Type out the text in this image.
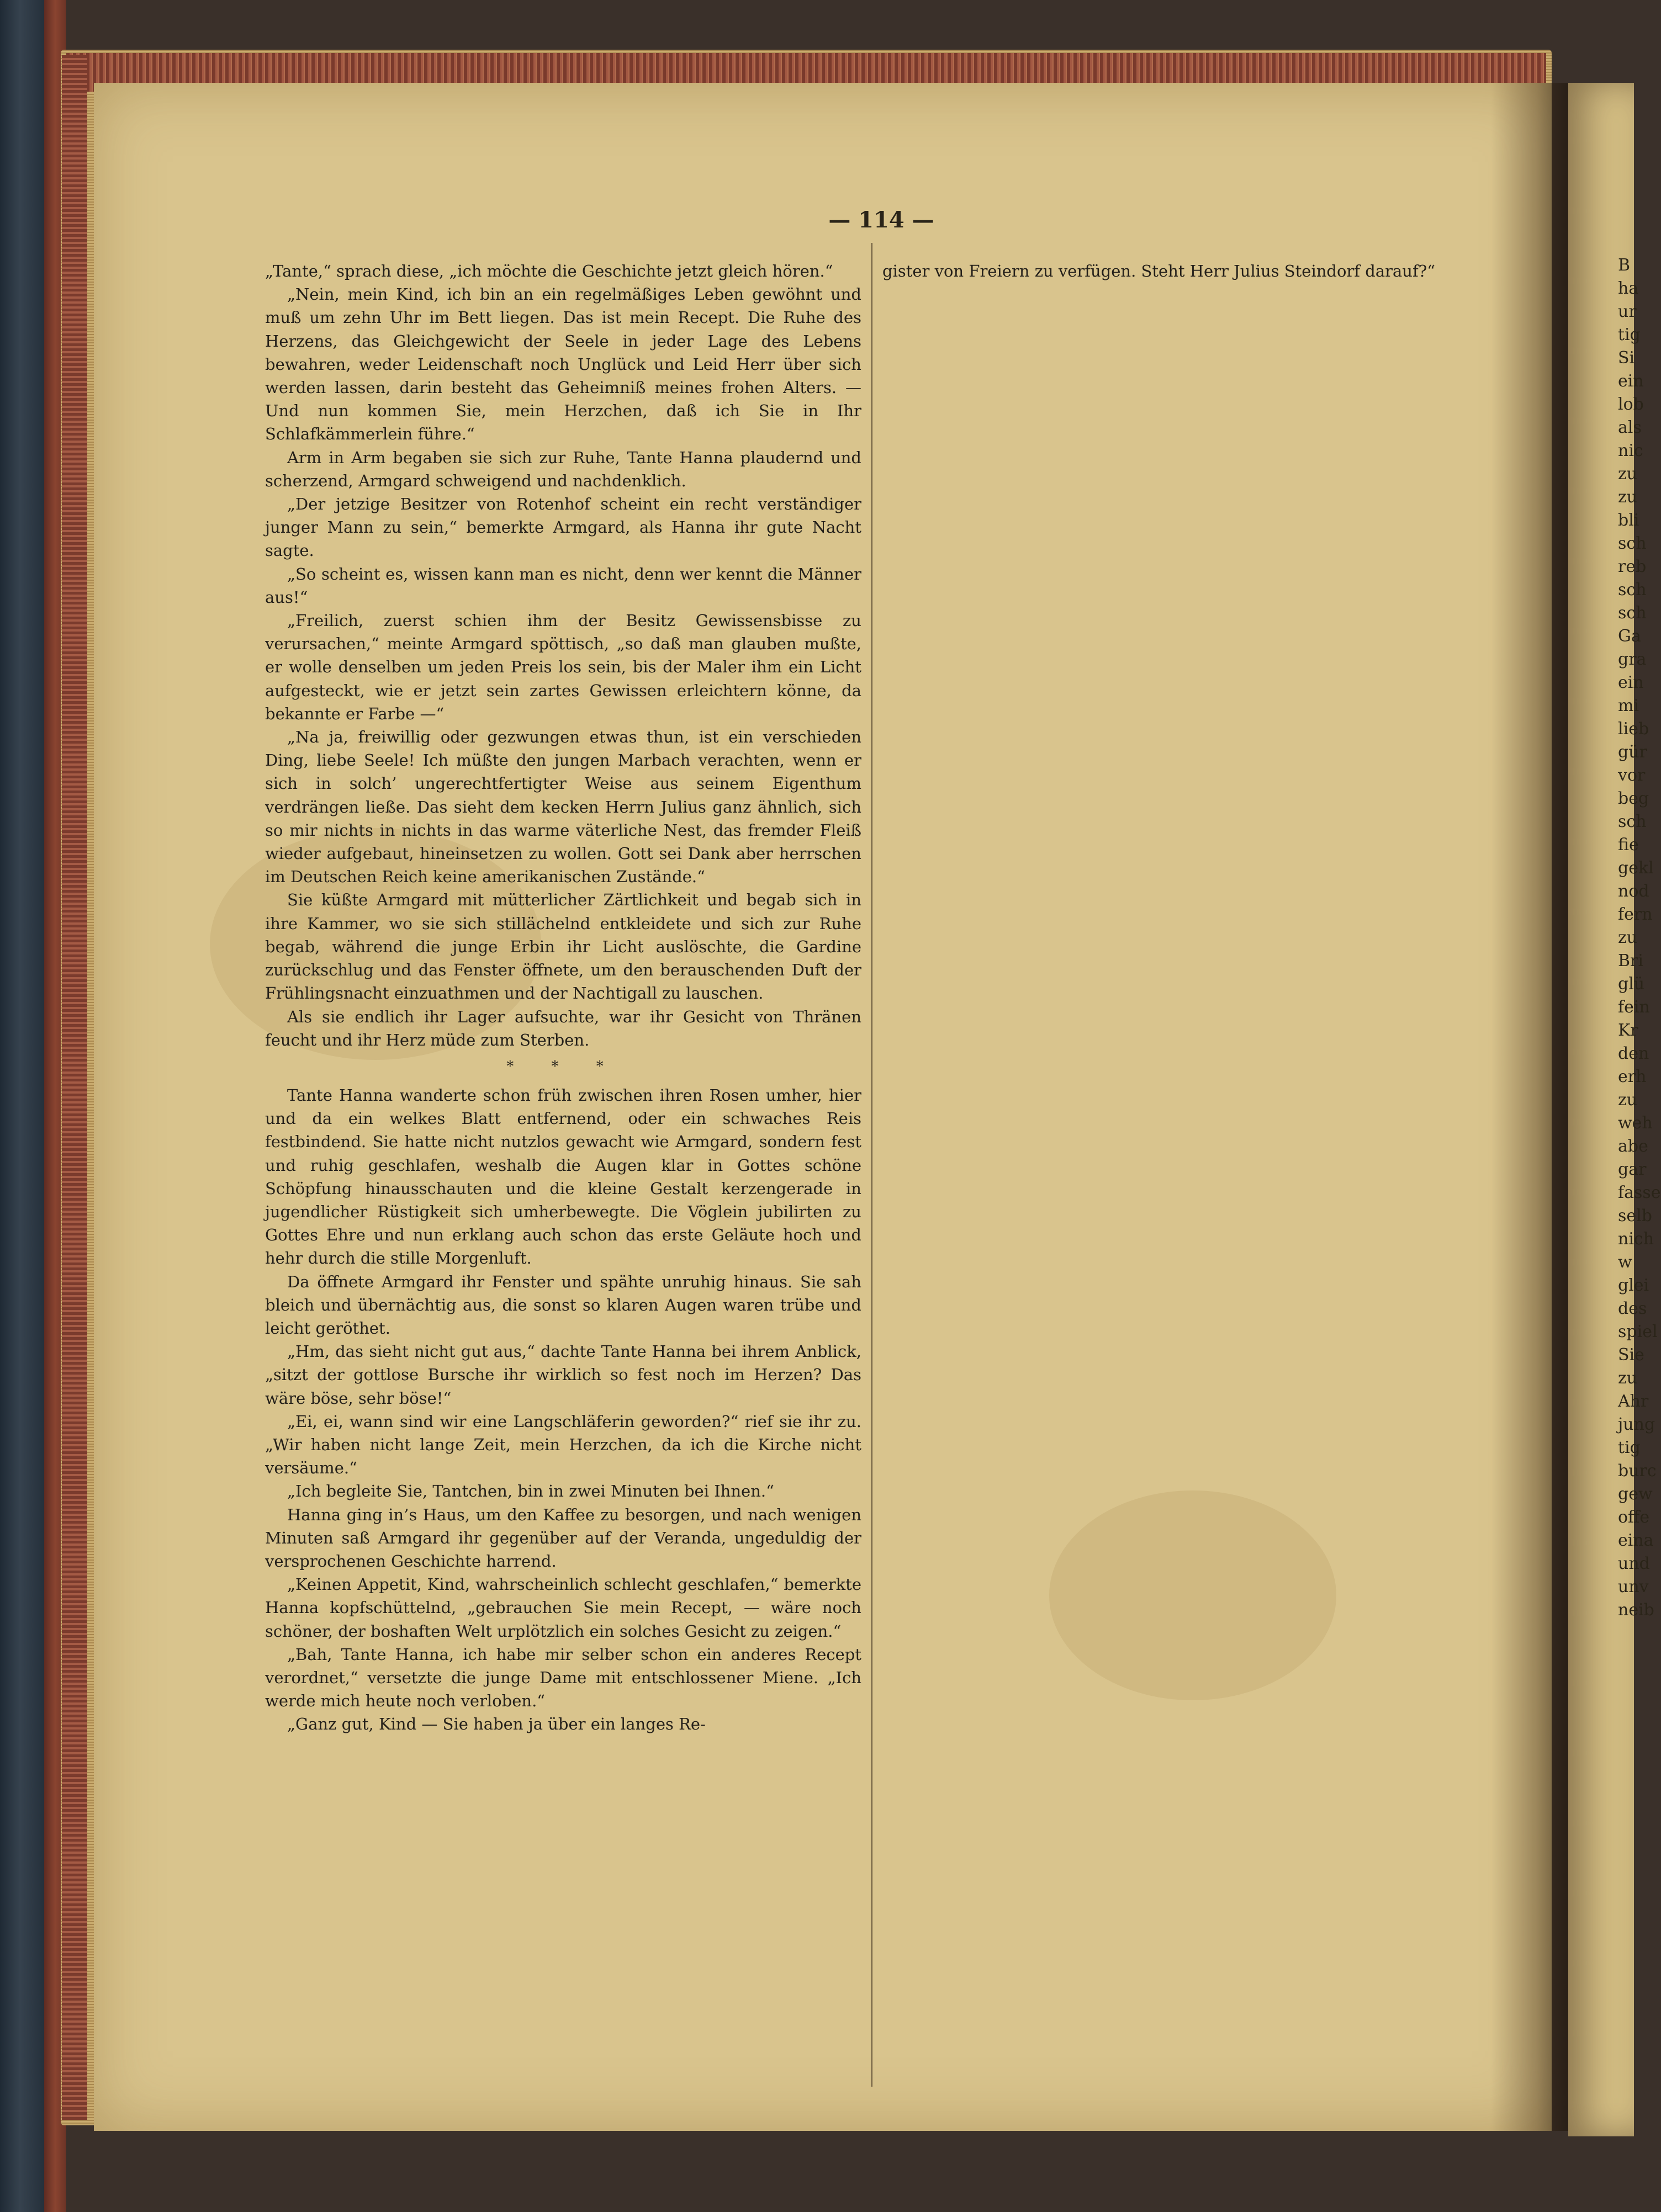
B
ha
ur
tig
Si
ein
lob
als
nic
zu
zu
bli
sch
reb
sch
sch
Ga
gra
ein
mi
lieb
gür
vor
beg
sch
fie
gekl
nod
fern
zu
Bri
glü
fein
Kr
den
erh
zu
weh
abe
gar
fasse
selb
nich
w
glei
des
spiel
Sie
zu
Ahr
jung
tig
burc
gew
offe
eina
und
unv
neib
— 114 —

„Tante,“ sprach diese, „ich möchte die Geschichte jetzt gleich hören.“

„Nein, mein Kind, ich bin an ein regelmäßiges Leben gewöhnt und muß um zehn Uhr im Bett liegen. Das ist mein Recept. Die Ruhe des Herzens, das Gleichgewicht der Seele in jeder Lage des Lebens bewahren, weder Leidenschaft noch Unglück und Leid Herr über sich werden lassen, darin besteht das Geheimniß meines frohen Alters. — Und nun kommen Sie, mein Herzchen, daß ich Sie in Ihr Schlafkämmerlein führe.“

Arm in Arm begaben sie sich zur Ruhe, Tante Hanna plaudernd und scherzend, Armgard schweigend und nachdenklich.

„Der jetzige Besitzer von Rotenhof scheint ein recht verständiger junger Mann zu sein,“ bemerkte Armgard, als Hanna ihr gute Nacht sagte.

„So scheint es, wissen kann man es nicht, denn wer kennt die Männer aus!“

„Freilich, zuerst schien ihm der Besitz Gewissensbisse zu verursachen,“ meinte Armgard spöttisch, „so daß man glauben mußte, er wolle denselben um jeden Preis los sein, bis der Maler ihm ein Licht aufgesteckt, wie er jetzt sein zartes Gewissen erleichtern könne, da bekannte er Farbe —“

„Na ja, freiwillig oder gezwungen etwas thun, ist ein verschieden Ding, liebe Seele! Ich müßte den jungen Marbach verachten, wenn er sich in solch’ ungerechtfertigter Weise aus seinem Eigenthum verdrängen ließe. Das sieht dem kecken Herrn Julius ganz ähnlich, sich so mir nichts in nichts in das warme väterliche Nest, das fremder Fleiß wieder aufgebaut, hineinsetzen zu wollen. Gott sei Dank aber herrschen im Deutschen Reich keine amerikanischen Zustände.“

Sie küßte Armgard mit mütterlicher Zärtlichkeit und begab sich in ihre Kammer, wo sie sich stillächelnd entkleidete und sich zur Ruhe begab, während die junge Erbin ihr Licht auslöschte, die Gardine zurückschlug und das Fenster öffnete, um den berauschenden Duft der Frühlingsnacht einzuathmen und der Nachtigall zu lauschen.

Als sie endlich ihr Lager aufsuchte, war ihr Gesicht von Thränen feucht und ihr Herz müde zum Sterben.

* * *

Tante Hanna wanderte schon früh zwischen ihren Rosen umher, hier und da ein welkes Blatt entfernend, oder ein schwaches Reis festbindend. Sie hatte nicht nutzlos gewacht wie Armgard, sondern fest und ruhig geschlafen, weshalb die Augen klar in Gottes schöne Schöpfung hinausschauten und die kleine Gestalt kerzengerade in jugendlicher Rüstigkeit sich umherbewegte. Die Vöglein jubilirten zu Gottes Ehre und nun erklang auch schon das erste Geläute hoch und hehr durch die stille Morgenluft.

Da öffnete Armgard ihr Fenster und spähte unruhig hinaus. Sie sah bleich und übernächtig aus, die sonst so klaren Augen waren trübe und leicht geröthet.

„Hm, das sieht nicht gut aus,“ dachte Tante Hanna bei ihrem Anblick, „sitzt der gottlose Bursche ihr wirklich so fest noch im Herzen? Das wäre böse, sehr böse!“

„Ei, ei, wann sind wir eine Langschläferin geworden?“ rief sie ihr zu. „Wir haben nicht lange Zeit, mein Herzchen, da ich die Kirche nicht versäume.“

„Ich begleite Sie, Tantchen, bin in zwei Minuten bei Ihnen.“

Hanna ging in’s Haus, um den Kaffee zu besorgen, und nach wenigen Minuten saß Armgard ihr gegenüber auf der Veranda, ungeduldig der versprochenen Geschichte harrend.

„Keinen Appetit, Kind, wahrscheinlich schlecht geschlafen,“ bemerkte Hanna kopfschüttelnd, „gebrauchen Sie mein Recept, — wäre noch schöner, der boshaften Welt urplötzlich ein solches Gesicht zu zeigen.“

„Bah, Tante Hanna, ich habe mir selber schon ein anderes Recept verordnet,“ versetzte die junge Dame mit entschlossener Miene. „Ich werde mich heute noch verloben.“

„Ganz gut, Kind — Sie haben ja über ein langes Re-

gister von Freiern zu verfügen. Steht Herr Julius Steindorf darauf?“
